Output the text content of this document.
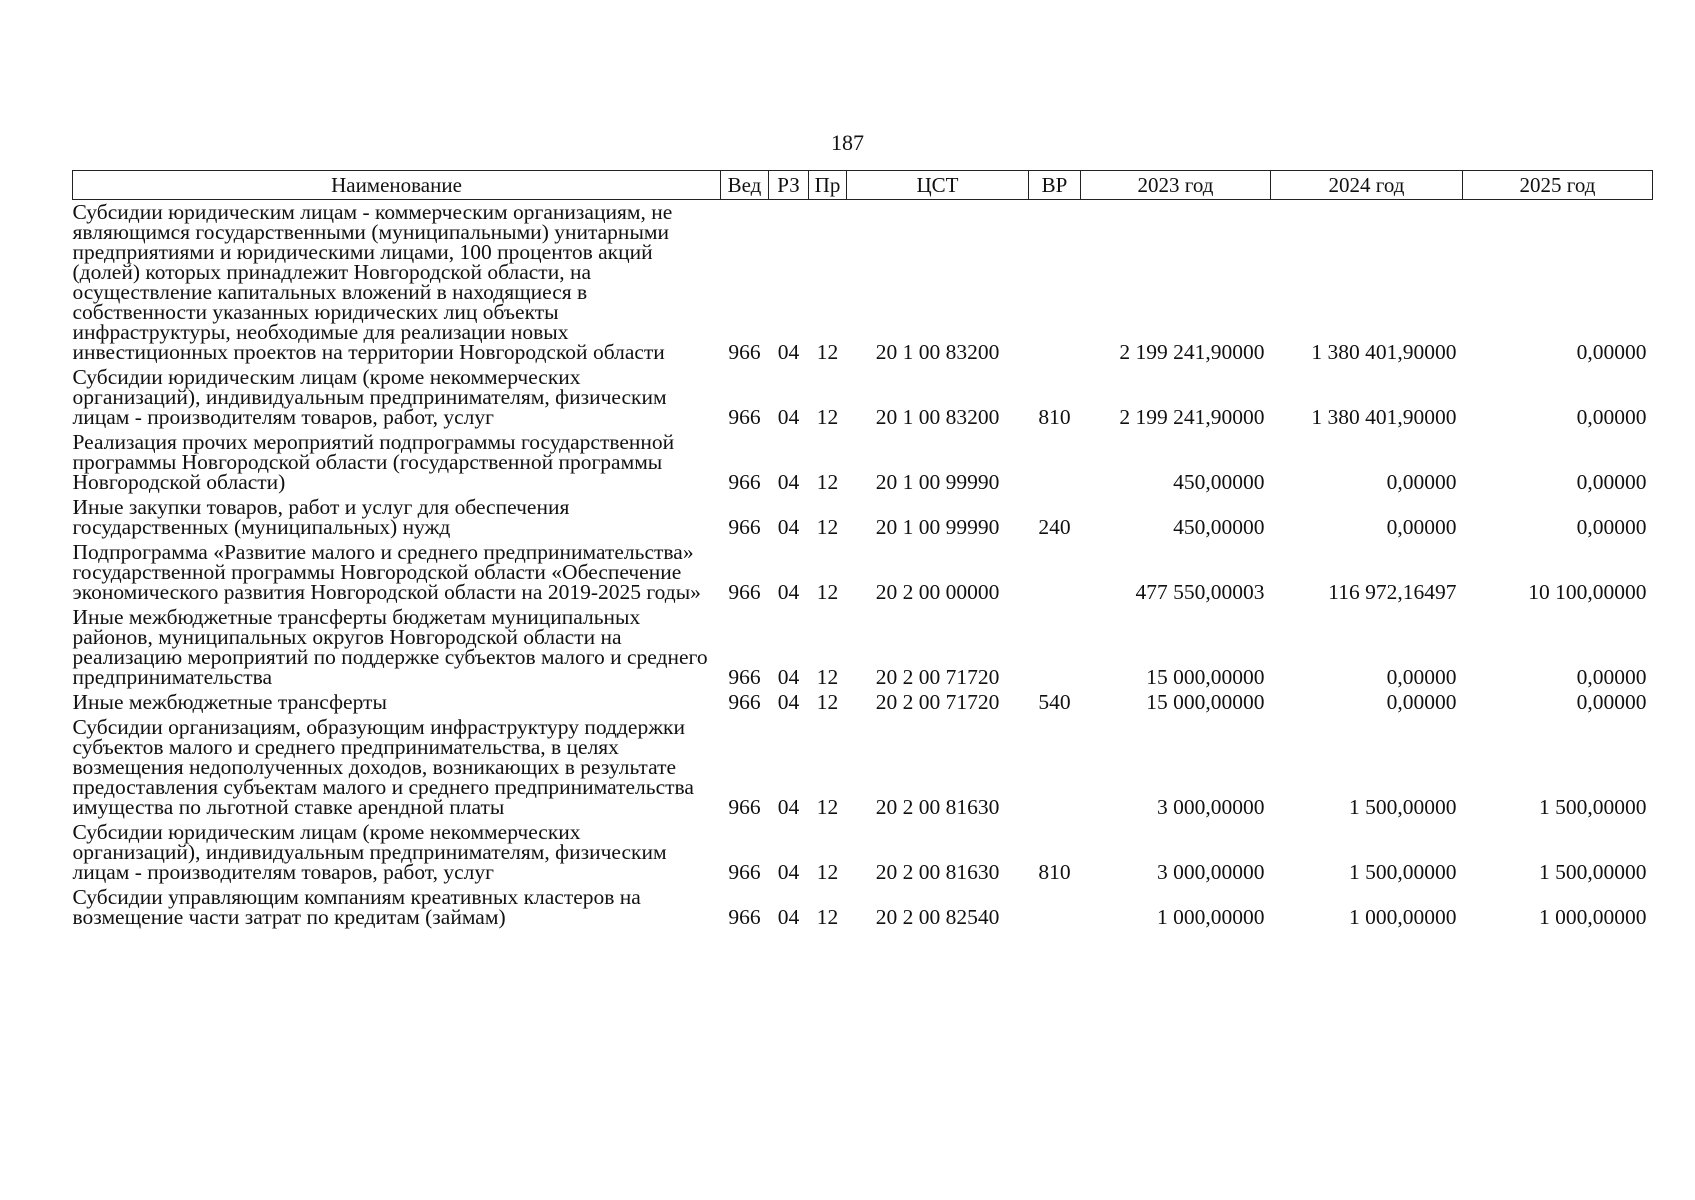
187
Наименование	Вед	РЗ	Пр	ЦСТ	ВР	2023 год	2024 год	2025 год
Субсидии юридическим лицам - коммерческим организациям, не являющимся государственными (муниципальными) унитарными предприятиями и юридическими лицами, 100 процентов акций (долей) которых принадлежит Новгородской области, на осуществление капитальных вложений в находящиеся в собственности указанных юридических лиц объекты инфраструктуры, необходимые для реализации новых инвестиционных проектов на территории Новгородской области	966	04	12	20 1 00 83200		2 199 241,90000	1 380 401,90000	0,00000
Субсидии юридическим лицам (кроме некоммерческих организаций), индивидуальным предпринимателям, физическим лицам - производителям товаров, работ, услуг	966	04	12	20 1 00 83200	810	2 199 241,90000	1 380 401,90000	0,00000
Реализация прочих мероприятий подпрограммы государственной программы Новгородской области (государственной программы Новгородской области)	966	04	12	20 1 00 99990		450,00000	0,00000	0,00000
Иные закупки товаров, работ и услуг для обеспечения государственных (муниципальных) нужд	966	04	12	20 1 00 99990	240	450,00000	0,00000	0,00000
Подпрограмма «Развитие малого и среднего предпринимательства» государственной программы Новгородской области «Обеспечение экономического развития Новгородской области на 2019-2025 годы»	966	04	12	20 2 00 00000		477 550,00003	116 972,16497	10 100,00000
Иные межбюджетные трансферты бюджетам муниципальных районов, муниципальных округов Новгородской области на реализацию мероприятий по поддержке субъектов малого и среднего предпринимательства	966	04	12	20 2 00 71720		15 000,00000	0,00000	0,00000
Иные межбюджетные трансферты	966	04	12	20 2 00 71720	540	15 000,00000	0,00000	0,00000
Субсидии организациям, образующим инфраструктуру поддержки субъектов малого и среднего предпринимательства, в целях возмещения недополученных доходов, возникающих в результате предоставления субъектам малого и среднего предпринимательства имущества по льготной ставке арендной платы	966	04	12	20 2 00 81630		3 000,00000	1 500,00000	1 500,00000
Субсидии юридическим лицам (кроме некоммерческих организаций), индивидуальным предпринимателям, физическим лицам - производителям товаров, работ, услуг	966	04	12	20 2 00 81630	810	3 000,00000	1 500,00000	1 500,00000
Субсидии управляющим компаниям креативных кластеров на возмещение части затрат по кредитам (займам)	966	04	12	20 2 00 82540		1 000,00000	1 000,00000	1 000,00000
